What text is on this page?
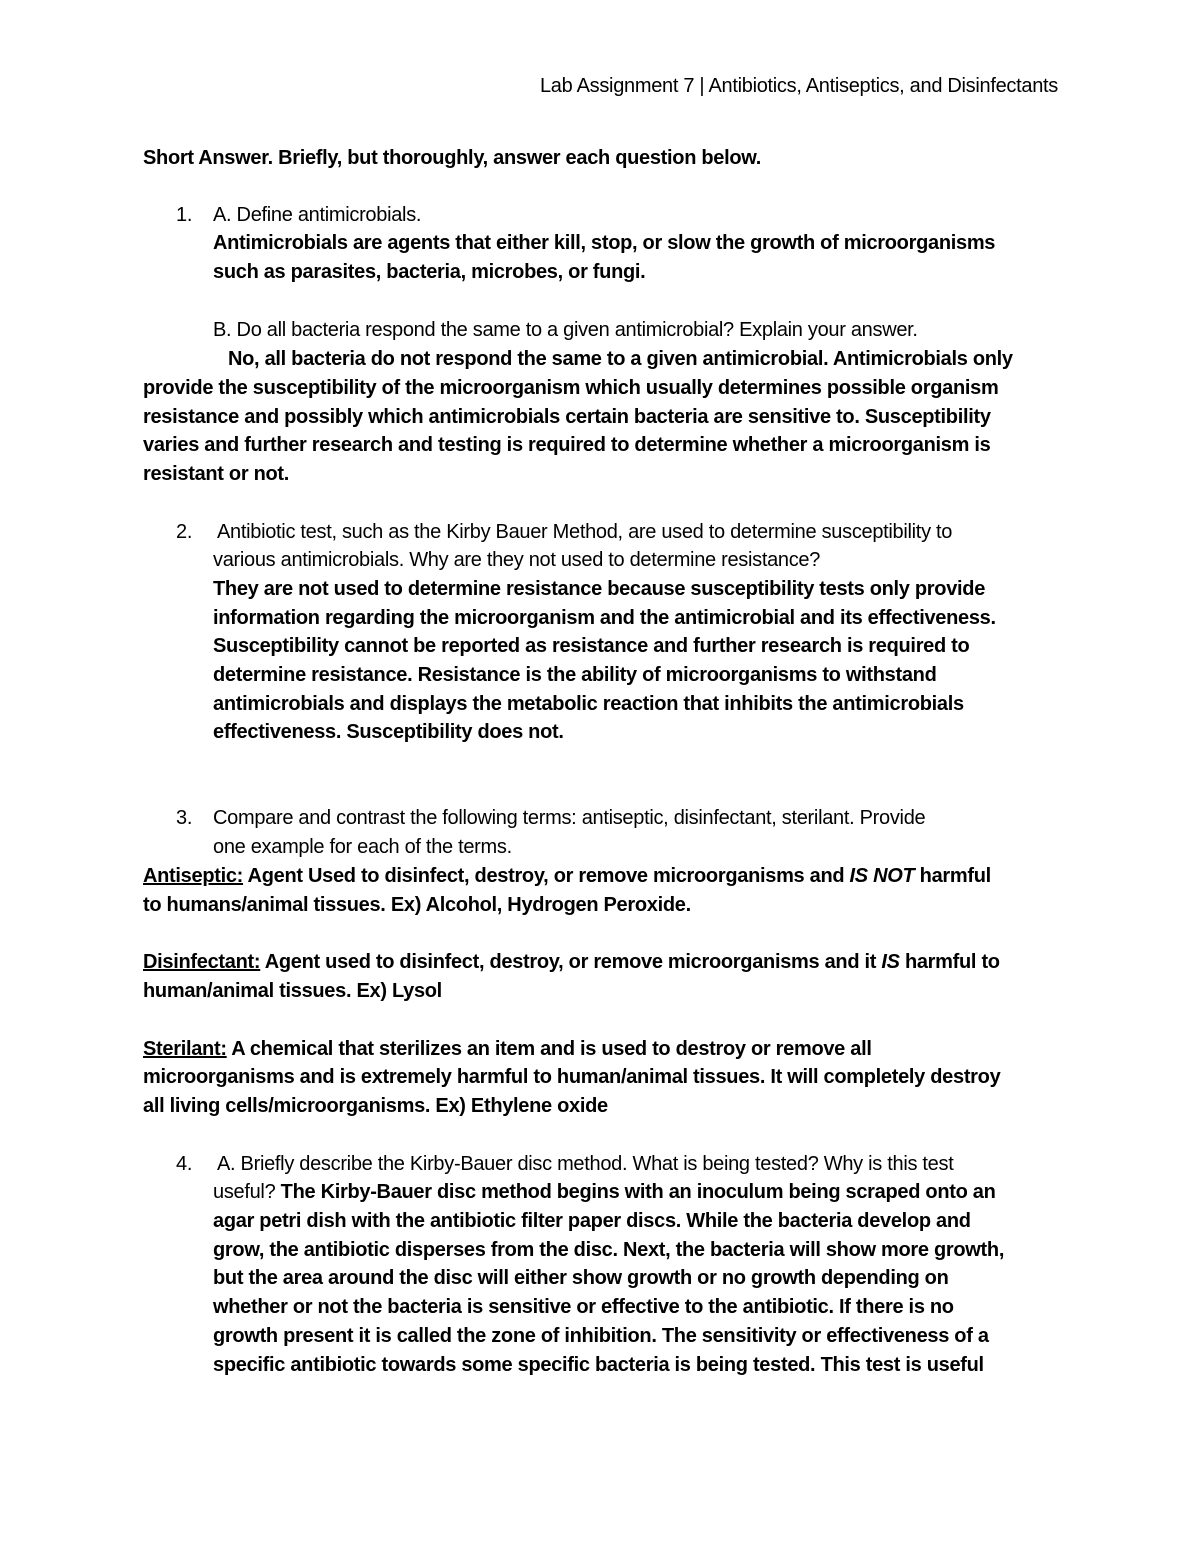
Lab Assignment 7 | Antibiotics, Antiseptics, and Disinfectants
Short Answer. Briefly, but thoroughly, answer each question below.
1. A. Define antimicrobials.
Antimicrobials are agents that either kill, stop, or slow the growth of microorganisms
such as parasites, bacteria, microbes, or fungi.
B. Do all bacteria respond the same to a given antimicrobial? Explain your answer.
No, all bacteria do not respond the same to a given antimicrobial. Antimicrobials only
provide the susceptibility of the microorganism which usually determines possible organism
resistance and possibly which antimicrobials certain bacteria are sensitive to. Susceptibility
varies and further research and testing is required to determine whether a microorganism is
resistant or not.
2. Antibiotic test, such as the Kirby Bauer Method, are used to determine susceptibility to
various antimicrobials. Why are they not used to determine resistance?
They are not used to determine resistance because susceptibility tests only provide
information regarding the microorganism and the antimicrobial and its effectiveness.
Susceptibility cannot be reported as resistance and further research is required to
determine resistance. Resistance is the ability of microorganisms to withstand
antimicrobials and displays the metabolic reaction that inhibits the antimicrobials
effectiveness. Susceptibility does not.
3. Compare and contrast the following terms: antiseptic, disinfectant, sterilant. Provide
one example for each of the terms.
Antiseptic: Agent Used to disinfect, destroy, or remove microorganisms and IS NOT harmful
to humans/animal tissues. Ex) Alcohol, Hydrogen Peroxide.
Disinfectant: Agent used to disinfect, destroy, or remove microorganisms and it IS harmful to
human/animal tissues. Ex) Lysol
Sterilant: A chemical that sterilizes an item and is used to destroy or remove all
microorganisms and is extremely harmful to human/animal tissues. It will completely destroy
all living cells/microorganisms. Ex) Ethylene oxide
4. A. Briefly describe the Kirby-Bauer disc method. What is being tested? Why is this test
useful? The Kirby-Bauer disc method begins with an inoculum being scraped onto an
agar petri dish with the antibiotic filter paper discs. While the bacteria develop and
grow, the antibiotic disperses from the disc. Next, the bacteria will show more growth,
but the area around the disc will either show growth or no growth depending on
whether or not the bacteria is sensitive or effective to the antibiotic. If there is no
growth present it is called the zone of inhibition. The sensitivity or effectiveness of a
specific antibiotic towards some specific bacteria is being tested. This test is useful
